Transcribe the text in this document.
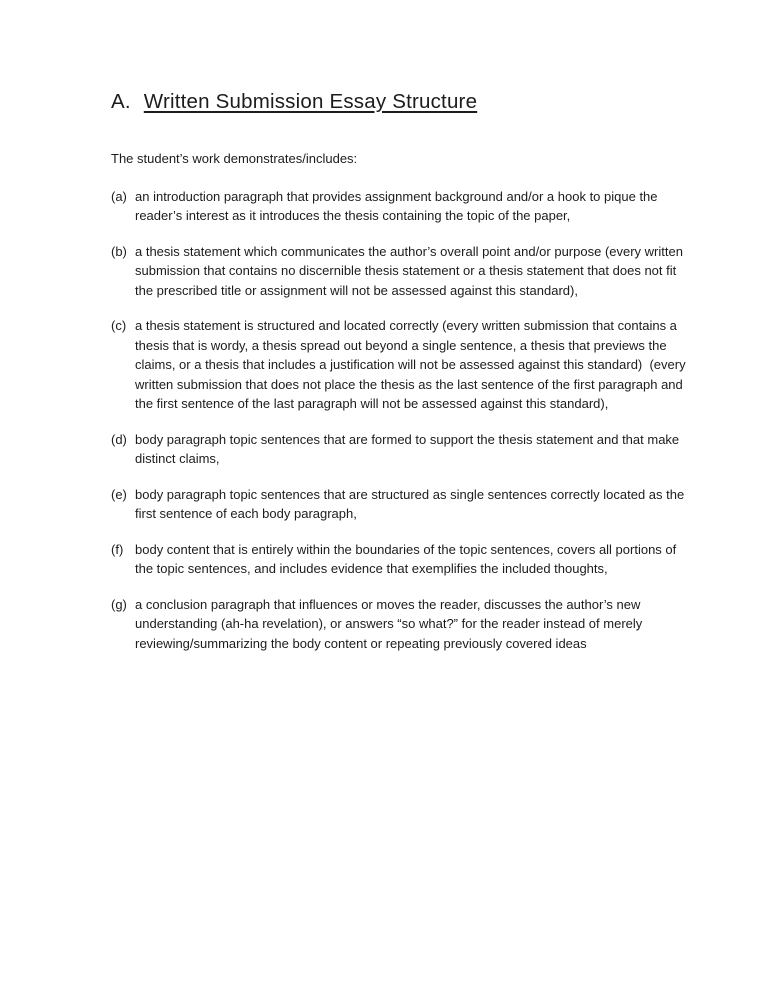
A. Written Submission Essay Structure

The student’s work demonstrates/includes:

(a) an introduction paragraph that provides assignment background and/or a hook to pique the reader’s interest as it introduces the thesis containing the topic of the paper,
(b) a thesis statement which communicates the author’s overall point and/or purpose (every written submission that contains no discernible thesis statement or a thesis statement that does not fit the prescribed title or assignment will not be assessed against this standard),
(c) a thesis statement is structured and located correctly (every written submission that contains a thesis that is wordy, a thesis spread out beyond a single sentence, a thesis that previews the claims, or a thesis that includes a justification will not be assessed against this standard)  (every written submission that does not place the thesis as the last sentence of the first paragraph and the first sentence of the last paragraph will not be assessed against this standard),
(d) body paragraph topic sentences that are formed to support the thesis statement and that make distinct claims,
(e) body paragraph topic sentences that are structured as single sentences correctly located as the first sentence of each body paragraph,
(f) body content that is entirely within the boundaries of the topic sentences, covers all portions of the topic sentences, and includes evidence that exemplifies the included thoughts,
(g) a conclusion paragraph that influences or moves the reader, discusses the author’s new understanding (ah-ha revelation), or answers “so what?” for the reader instead of merely reviewing/summarizing the body content or repeating previously covered ideas
